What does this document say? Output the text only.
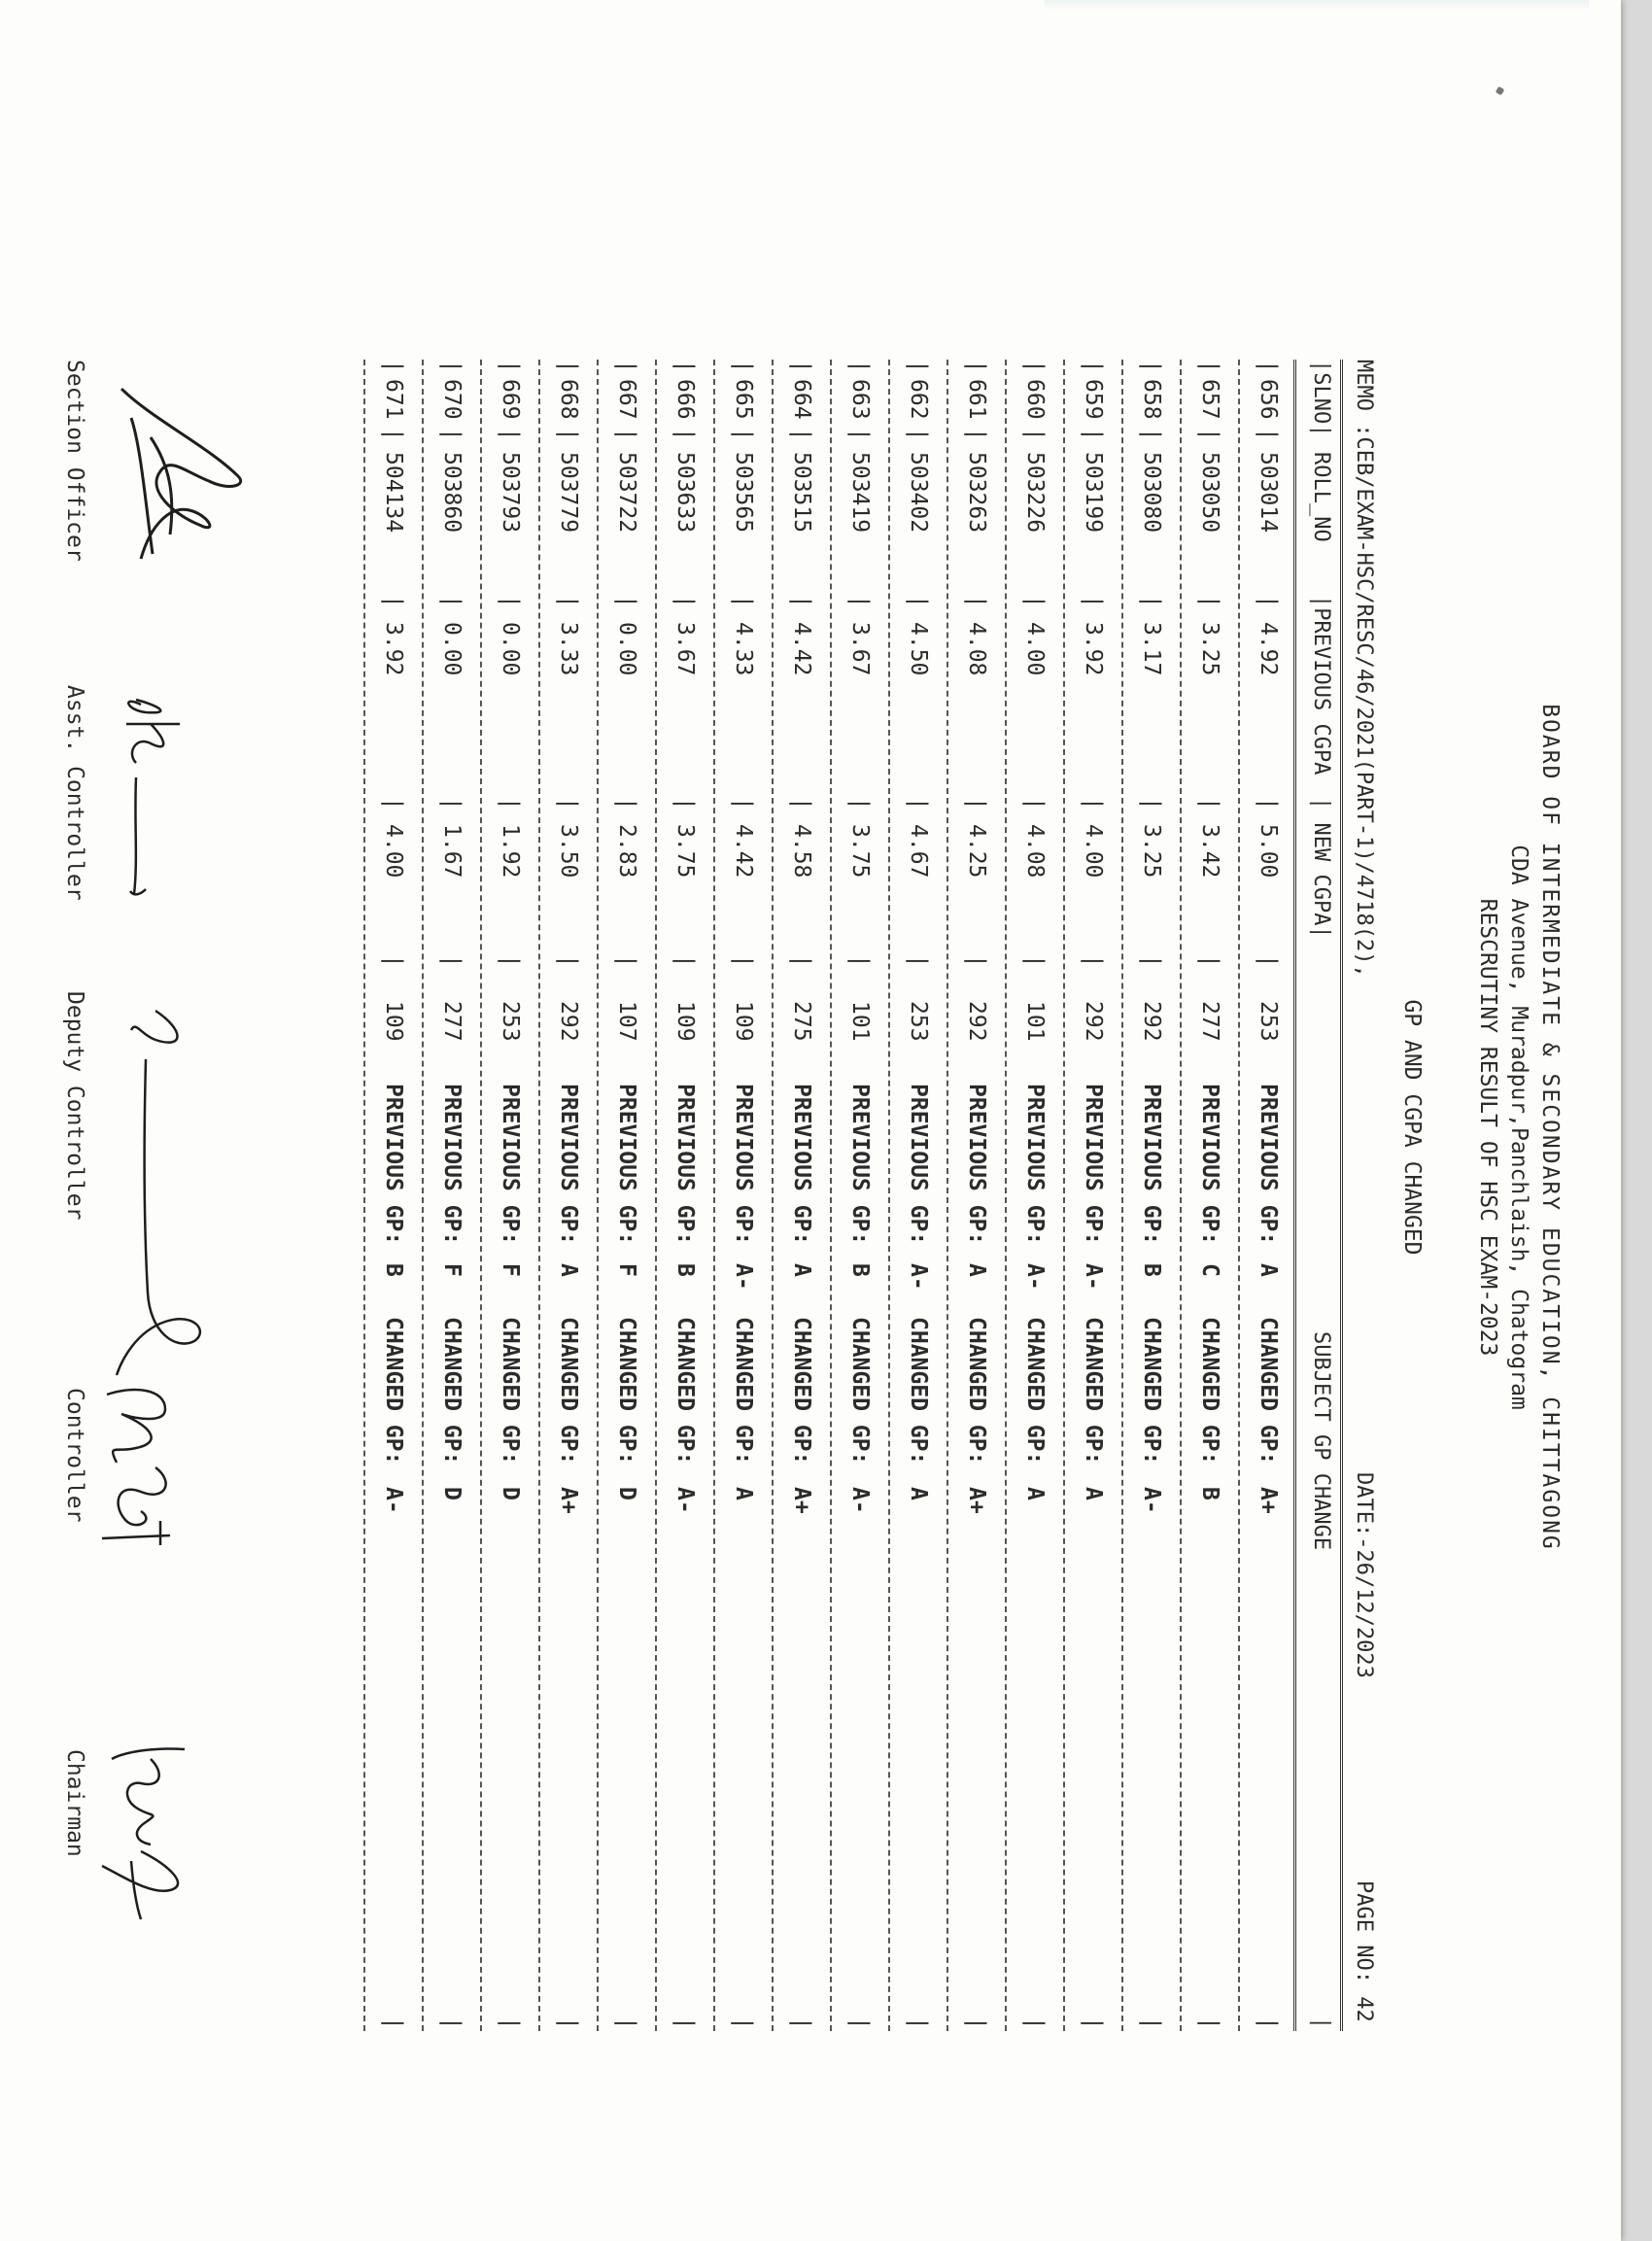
BOARD OF INTERMEDIATE & SECONDARY EDUCATION, CHITTAGONG
CDA Avenue, Muradpur,Panchlaish, Chatogram
RESCRUTINY RESULT OF HSC EXAM-2023
GP AND CGPA CHANGED

MEMO :CEB/EXAM-HSC/RESC/46/2021(PART-1)/4718(2),

DATE:-26/12/2023

PAGE NO: 42

|SLNO|

ROLL_NO

|PREVIOUS CGPA

| NEW CGPA|

SUBJECT GP CHANGE

|

|
656
|
503014
|
4.92
|
5.00
|
253
PREVIOUS GP:
A
CHANGED GP:
A+
|
|
657
|
503050
|
3.25
|
3.42
|
277
PREVIOUS GP:
C
CHANGED GP:
B
|
|
658
|
503080
|
3.17
|
3.25
|
292
PREVIOUS GP:
B
CHANGED GP:
A-
|
|
659
|
503199
|
3.92
|
4.00
|
292
PREVIOUS GP:
A-
CHANGED GP:
A
|
|
660
|
503226
|
4.00
|
4.08
|
101
PREVIOUS GP:
A-
CHANGED GP:
A
|
|
661
|
503263
|
4.08
|
4.25
|
292
PREVIOUS GP:
A
CHANGED GP:
A+
|
|
662
|
503402
|
4.50
|
4.67
|
253
PREVIOUS GP:
A-
CHANGED GP:
A
|
|
663
|
503419
|
3.67
|
3.75
|
101
PREVIOUS GP:
B
CHANGED GP:
A-
|
|
664
|
503515
|
4.42
|
4.58
|
275
PREVIOUS GP:
A
CHANGED GP:
A+
|
|
665
|
503565
|
4.33
|
4.42
|
109
PREVIOUS GP:
A-
CHANGED GP:
A
|
|
666
|
503633
|
3.67
|
3.75
|
109
PREVIOUS GP:
B
CHANGED GP:
A-
|
|
667
|
503722
|
0.00
|
2.83
|
107
PREVIOUS GP:
F
CHANGED GP:
D
|
|
668
|
503779
|
3.33
|
3.50
|
292
PREVIOUS GP:
A
CHANGED GP:
A+
|
|
669
|
503793
|
0.00
|
1.92
|
253
PREVIOUS GP:
F
CHANGED GP:
D
|
|
670
|
503860
|
0.00
|
1.67
|
277
PREVIOUS GP:
F
CHANGED GP:
D
|
|
671
|
504134
|
3.92
|
4.00
|
109
PREVIOUS GP:
B
CHANGED GP:
A-
|
Section Officer
Asst. Controller
Deputy Controller
Controller
Chairman
